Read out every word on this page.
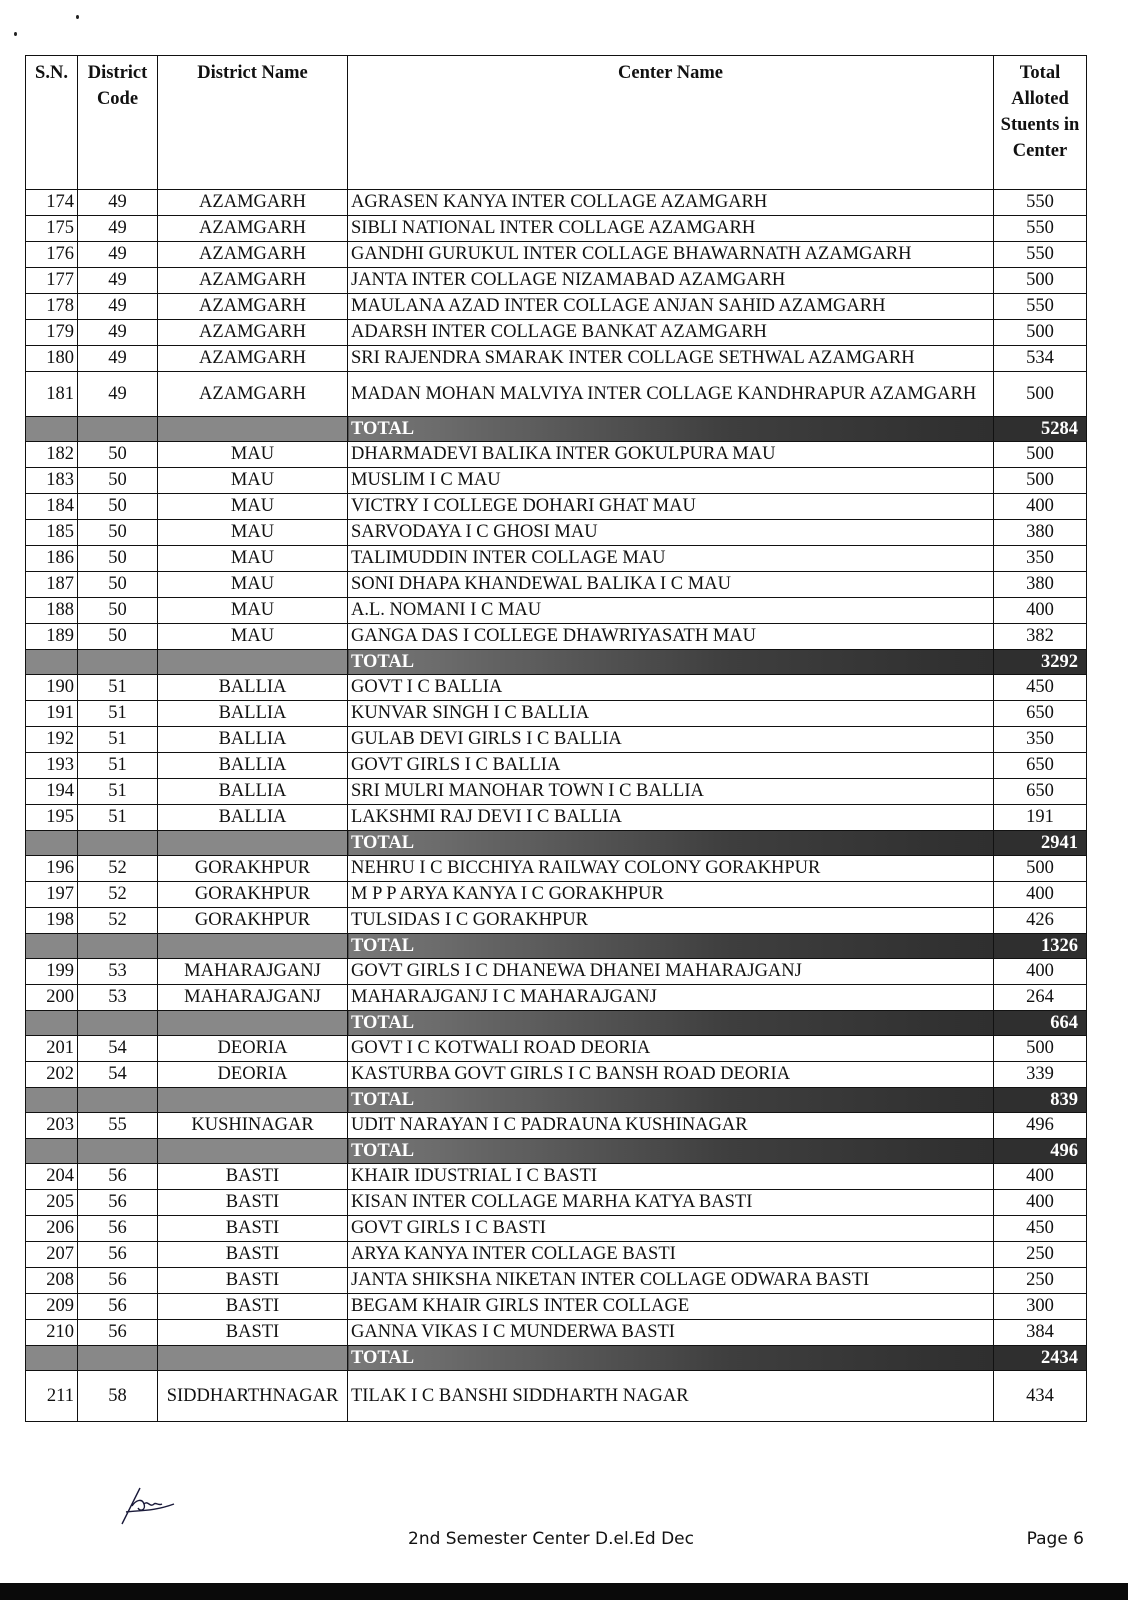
S.N.	District Code	District Name	Center Name	Total Alloted Stuents in Center
174	49	AZAMGARH	AGRASEN KANYA INTER COLLAGE AZAMGARH	550
175	49	AZAMGARH	SIBLI NATIONAL INTER COLLAGE AZAMGARH	550
176	49	AZAMGARH	GANDHI GURUKUL INTER COLLAGE BHAWARNATH AZAMGARH	550
177	49	AZAMGARH	JANTA INTER COLLAGE NIZAMABAD AZAMGARH	500
178	49	AZAMGARH	MAULANA AZAD INTER COLLAGE ANJAN SAHID AZAMGARH	550
179	49	AZAMGARH	ADARSH INTER COLLAGE BANKAT AZAMGARH	500
180	49	AZAMGARH	SRI RAJENDRA SMARAK INTER COLLAGE SETHWAL AZAMGARH	534
181	49	AZAMGARH	MADAN MOHAN MALVIYA INTER COLLAGE KANDHRAPUR AZAMGARH	500
			TOTAL	5284
182	50	MAU	DHARMADEVI BALIKA INTER GOKULPURA MAU	500
183	50	MAU	MUSLIM I C MAU	500
184	50	MAU	VICTRY I COLLEGE DOHARI GHAT MAU	400
185	50	MAU	SARVODAYA I C GHOSI MAU	380
186	50	MAU	TALIMUDDIN INTER COLLAGE MAU	350
187	50	MAU	SONI DHAPA KHANDEWAL BALIKA I C MAU	380
188	50	MAU	A.L. NOMANI I C MAU	400
189	50	MAU	GANGA DAS I COLLEGE DHAWRIYASATH MAU	382
			TOTAL	3292
190	51	BALLIA	GOVT I C BALLIA	450
191	51	BALLIA	KUNVAR SINGH I C BALLIA	650
192	51	BALLIA	GULAB DEVI GIRLS I C BALLIA	350
193	51	BALLIA	GOVT GIRLS I C BALLIA	650
194	51	BALLIA	SRI MULRI MANOHAR TOWN I C BALLIA	650
195	51	BALLIA	LAKSHMI RAJ DEVI I C BALLIA	191
			TOTAL	2941
196	52	GORAKHPUR	NEHRU I C BICCHIYA RAILWAY COLONY GORAKHPUR	500
197	52	GORAKHPUR	M P P ARYA KANYA I C GORAKHPUR	400
198	52	GORAKHPUR	TULSIDAS I C GORAKHPUR	426
			TOTAL	1326
199	53	MAHARAJGANJ	GOVT GIRLS I C DHANEWA DHANEI MAHARAJGANJ	400
200	53	MAHARAJGANJ	MAHARAJGANJ I C MAHARAJGANJ	264
			TOTAL	664
201	54	DEORIA	GOVT I C KOTWALI ROAD DEORIA	500
202	54	DEORIA	KASTURBA GOVT GIRLS I C BANSH ROAD DEORIA	339
			TOTAL	839
203	55	KUSHINAGAR	UDIT NARAYAN I C PADRAUNA KUSHINAGAR	496
			TOTAL	496
204	56	BASTI	KHAIR IDUSTRIAL I C BASTI	400
205	56	BASTI	KISAN INTER COLLAGE MARHA KATYA BASTI	400
206	56	BASTI	GOVT GIRLS I C BASTI	450
207	56	BASTI	ARYA KANYA INTER COLLAGE BASTI	250
208	56	BASTI	JANTA SHIKSHA NIKETAN INTER COLLAGE ODWARA BASTI	250
209	56	BASTI	BEGAM KHAIR GIRLS INTER COLLAGE	300
210	56	BASTI	GANNA VIKAS I C MUNDERWA BASTI	384
			TOTAL	2434
211	58	SIDDHARTHNAGAR	TILAK I C BANSHI SIDDHARTH NAGAR	434
2nd Semester Center D.el.Ed Dec	Page 6
